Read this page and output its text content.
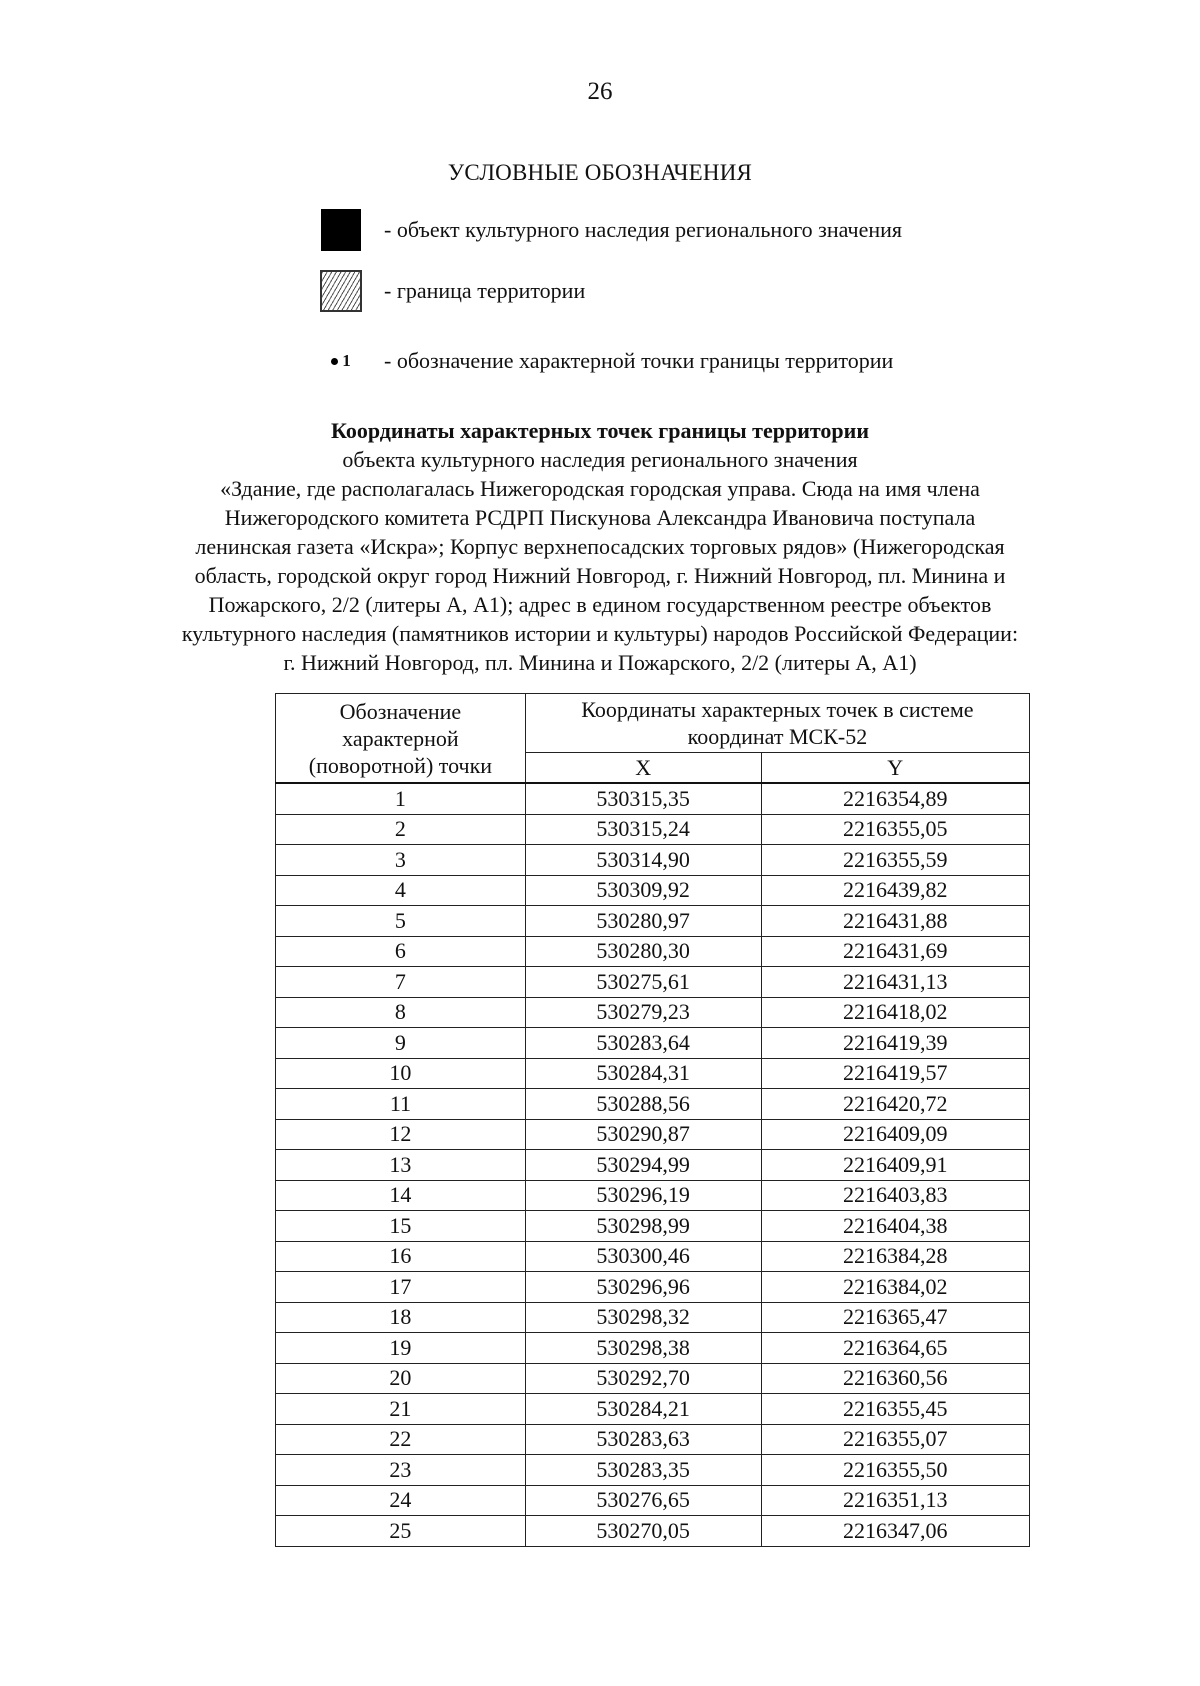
26
УСЛОВНЫЕ ОБОЗНАЧЕНИЯ
- объект культурного наследия регионального значения
- граница территории
1 - обозначение характерной точки границы территории
Координаты характерных точек границы территории
объекта культурного наследия регионального значения
«Здание, где располагалась Нижегородская городская управа. Сюда на имя члена
Нижегородского комитета РСДРП Пискунова Александра Ивановича поступала
ленинская газета «Искра»; Корпус верхнепосадских торговых рядов» (Нижегородская
область, городской округ город Нижний Новгород, г. Нижний Новгород, пл. Минина и
Пожарского, 2/2 (литеры А, А1); адрес в едином государственном реестре объектов
культурного наследия (памятников истории и культуры) народов Российской Федерации:
г. Нижний Новгород, пл. Минина и Пожарского, 2/2 (литеры А, А1)
Обозначение
характерной
(поворотной) точки

Координаты характерных точек в системе
координат МСК-52

	X	Y
1	530315,35	2216354,89
2	530315,24	2216355,05
3	530314,90	2216355,59
4	530309,92	2216439,82
5	530280,97	2216431,88
6	530280,30	2216431,69
7	530275,61	2216431,13
8	530279,23	2216418,02
9	530283,64	2216419,39
10	530284,31	2216419,57
11	530288,56	2216420,72
12	530290,87	2216409,09
13	530294,99	2216409,91
14	530296,19	2216403,83
15	530298,99	2216404,38
16	530300,46	2216384,28
17	530296,96	2216384,02
18	530298,32	2216365,47
19	530298,38	2216364,65
20	530292,70	2216360,56
21	530284,21	2216355,45
22	530283,63	2216355,07
23	530283,35	2216355,50
24	530276,65	2216351,13
25	530270,05	2216347,06
